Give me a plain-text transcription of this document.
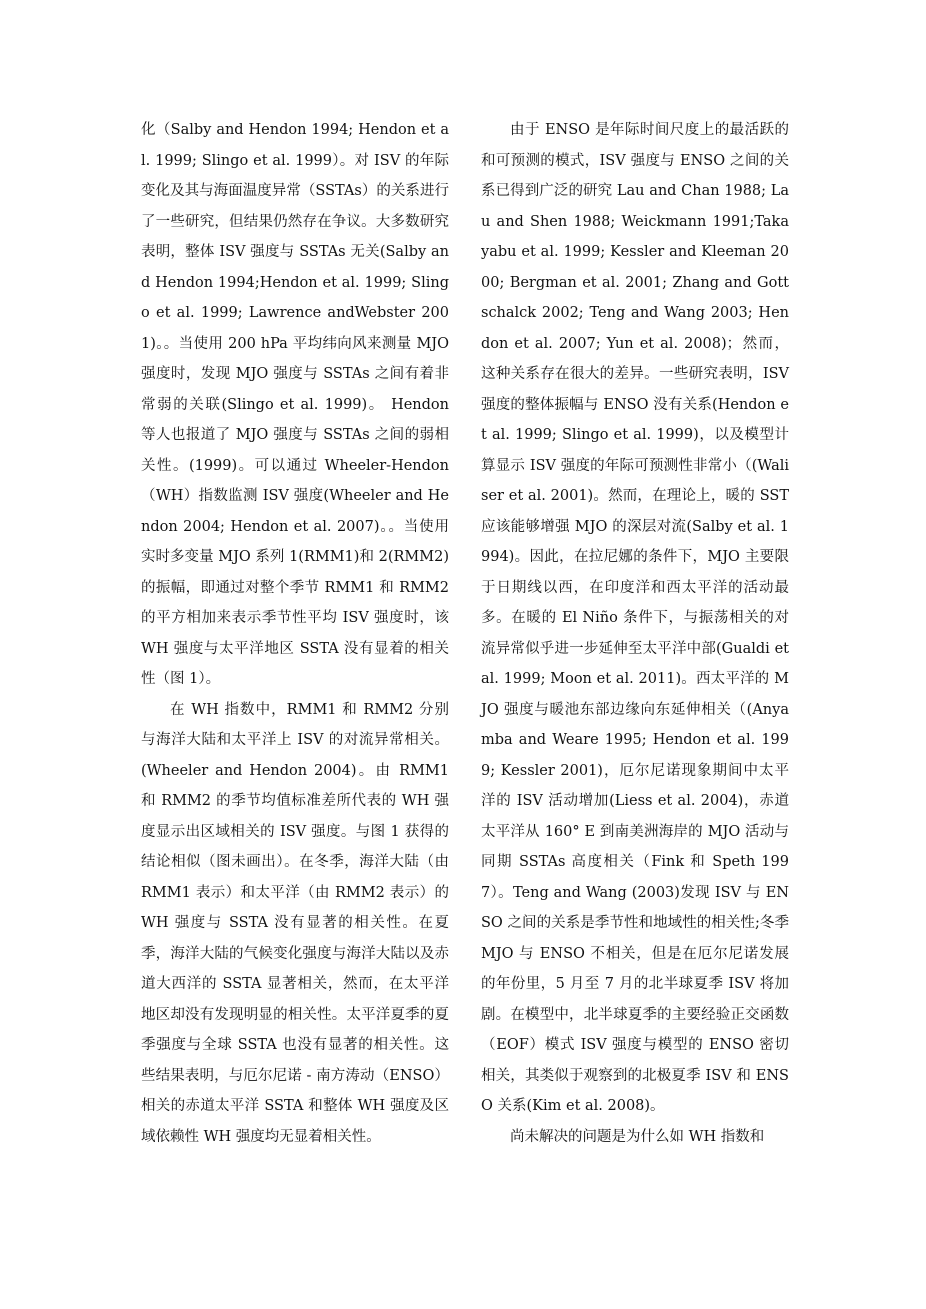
化（Salby and Hendon 1994; Hendon et al. 1999; Slingo et al. 1999）。对 ISV 的年际变化及其与海面温度异常（SSTAs）的关系进行了一些研究，但结果仍然存在争议。大多数研究表明，整体 ISV 强度与 SSTAs 无关(Salby and Hendon 1994;Hendon et al. 1999; Slingo et al. 1999; Lawrence andWebster 2001)。。当使用 200 hPa 平均纬向风来测量 MJO 强度时，发现 MJO 强度与 SSTAs 之间有着非常弱的关联(Slingo et al. 1999)。 Hendon 等人也报道了 MJO 强度与 SSTAs 之间的弱相关性。(1999)。可以通过 Wheeler-Hendon（WH）指数监测 ISV 强度(Wheeler and Hendon 2004; Hendon et al. 2007)。。当使用实时多变量 MJO 系列 1(RMM1)和 2(RMM2)的振幅，即通过对整个季节 RMM1 和 RMM2 的平方相加来表示季节性平均 ISV 强度时，该 WH 强度与太平洋地区 SSTA 没有显着的相关性（图 1）。

在 WH 指数中，RMM1 和 RMM2 分别与海洋大陆和太平洋上 ISV 的对流异常相关。(Wheeler and Hendon 2004)。由 RMM1 和 RMM2 的季节均值标准差所代表的 WH 强度显示出区域相关的 ISV 强度。与图 1 获得的结论相似（图未画出）。在冬季，海洋大陆（由 RMM1 表示）和太平洋（由 RMM2 表示）的 WH 强度与 SSTA 没有显著的相关性。在夏季，海洋大陆的气候变化强度与海洋大陆以及赤道大西洋的 SSTA 显著相关，然而，在太平洋地区却没有发现明显的相关性。太平洋夏季的夏季强度与全球 SSTA 也没有显著的相关性。这些结果表明，与厄尔尼诺 - 南方涛动（ENSO）相关的赤道太平洋 SSTA 和整体 WH 强度及区域依赖性 WH 强度均无显着相关性。

由于 ENSO 是年际时间尺度上的最活跃的和可预测的模式，ISV 强度与 ENSO 之间的关系已得到广泛的研究 Lau and Chan 1988; Lau and Shen 1988; Weickmann 1991;Takayabu et al. 1999; Kessler and Kleeman 2000; Bergman et al. 2001; Zhang and Gottschalck 2002; Teng and Wang 2003; Hendon et al. 2007; Yun et al. 2008)；然而，这种关系存在很大的差异。一些研究表明，ISV 强度的整体振幅与 ENSO 没有关系(Hendon et al. 1999; Slingo et al. 1999)，以及模型计算显示 ISV 强度的年际可预测性非常小（(Waliser et al. 2001)。然而，在理论上，暖的 SST 应该能够增强 MJO 的深层对流(Salby et al. 1994)。因此，在拉尼娜的条件下，MJO 主要限于日期线以西，在印度洋和西太平洋的活动最多。在暖的 El Niño 条件下，与振荡相关的对流异常似乎进一步延伸至太平洋中部(Gualdi et al. 1999; Moon et al. 2011)。西太平洋的 MJO 强度与暖池东部边缘向东延伸相关（(Anyamba and Weare 1995; Hendon et al. 1999; Kessler 2001)，厄尔尼诺现象期间中太平洋的 ISV 活动增加(Liess et al. 2004)，赤道太平洋从 160° E 到南美洲海岸的 MJO 活动与同期 SSTAs 高度相关（Fink 和 Speth 1997）。Teng and Wang (2003)发现 ISV 与 ENSO 之间的关系是季节性和地域性的相关性;冬季 MJO 与 ENSO 不相关，但是在厄尔尼诺发展的年份里，5 月至 7 月的北半球夏季 ISV 将加剧。在模型中，北半球夏季的主要经验正交函数（EOF）模式 ISV 强度与模型的 ENSO 密切相关，其类似于观察到的北极夏季 ISV 和 ENSO 关系(Kim et al. 2008)。

尚未解决的问题是为什么如 WH 指数和
